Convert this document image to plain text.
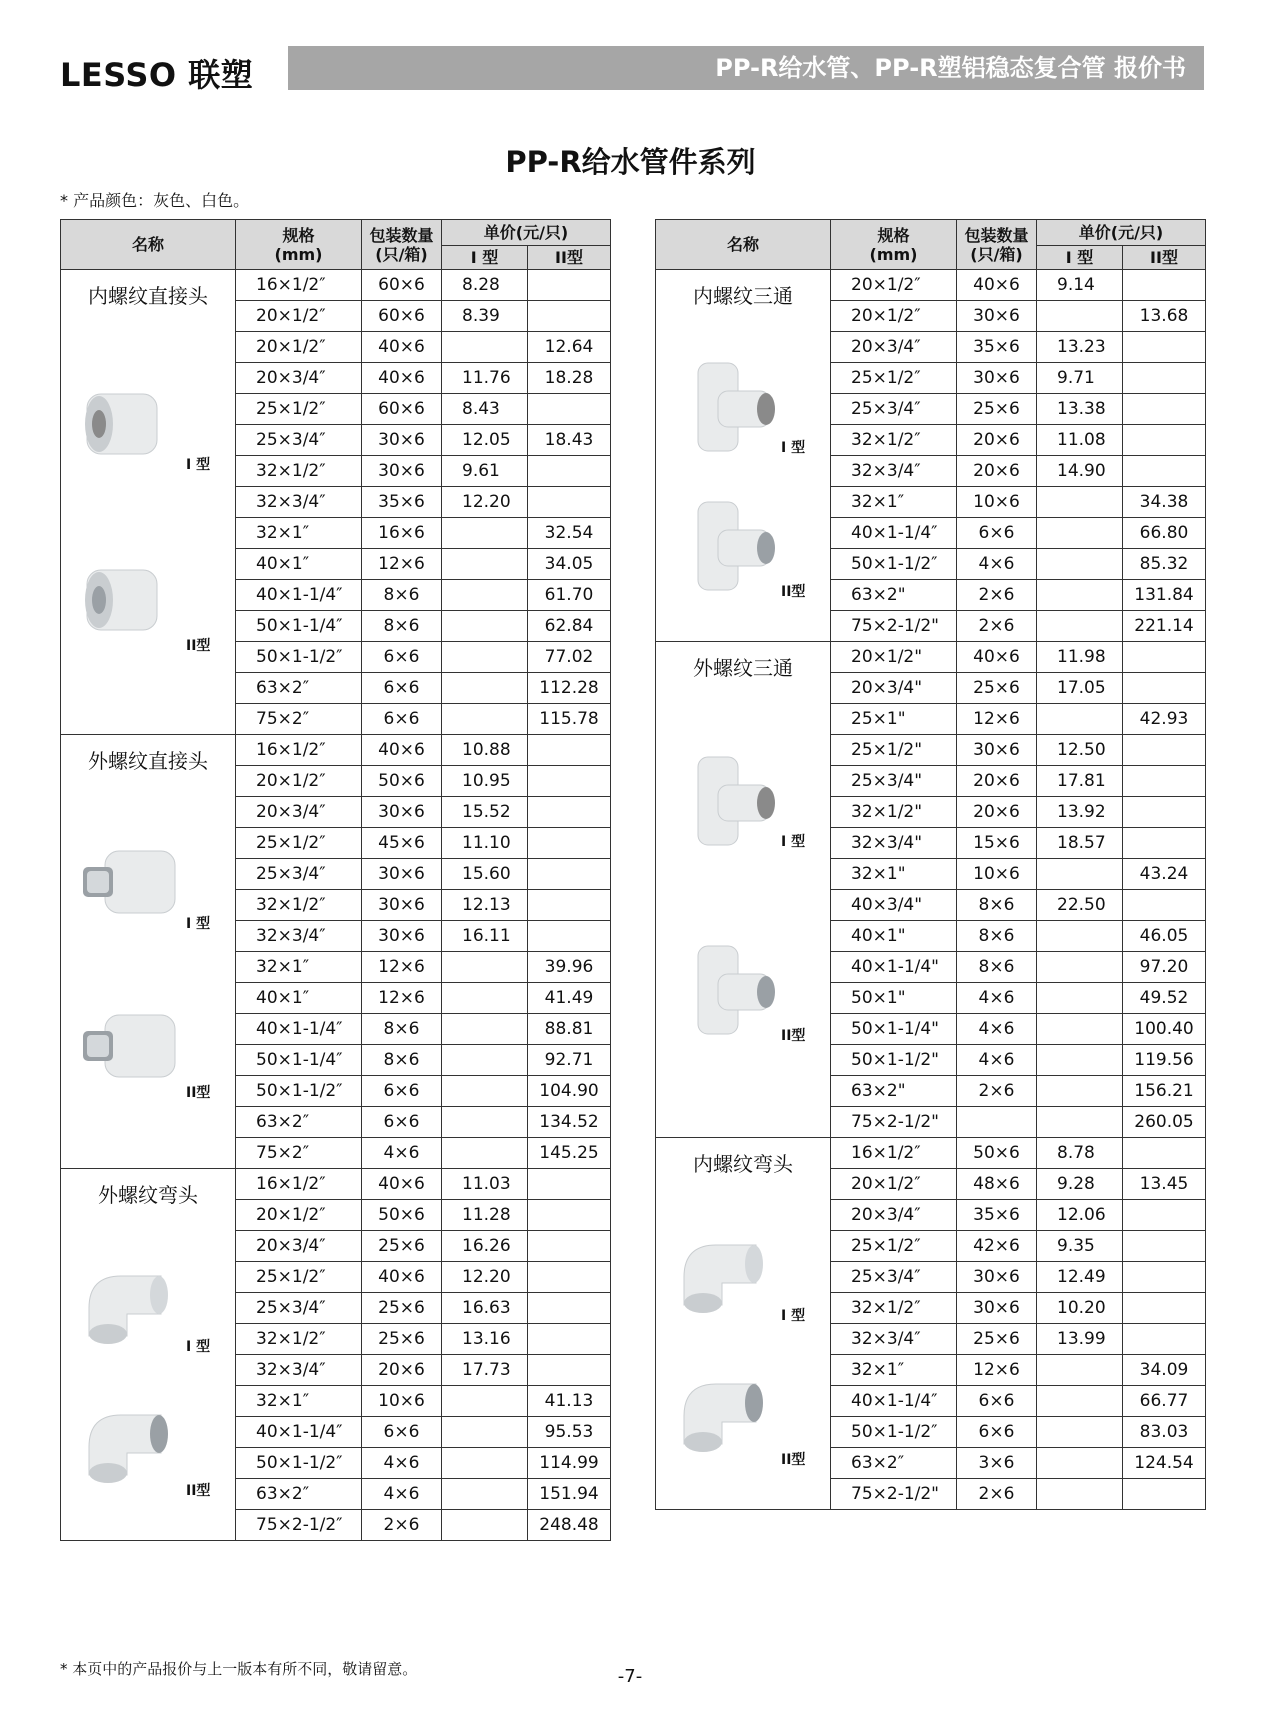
LESSO 联塑	PP-R给水管、PP-R塑铝稳态复合管 报价书
PP-R给水管件系列
* 产品颜色：灰色、白色。
名称	规格
(mm)	包装数量
(只/箱)	单价(元/只)	
			I 型	II型

内螺纹直接头
I 型
II型	16×1/2″	60×6	8.28	
	20×1/2″	60×6	8.39	
	20×1/2″	40×6		12.64
	20×3/4″	40×6	11.76	18.28
	25×1/2″	60×6	8.43	
	25×3/4″	30×6	12.05	18.43
	32×1/2″	30×6	9.61	
	32×3/4″	35×6	12.20	
	32×1″	16×6		32.54
	40×1″	12×6		34.05
	40×1-1/4″	8×6		61.70
	50×1-1/4″	8×6		62.84
	50×1-1/2″	6×6		77.02
	63×2″	6×6		112.28
	75×2″	6×6		115.78

外螺纹直接头
I 型
II型	16×1/2″	40×6	10.88	
	20×1/2″	50×6	10.95	
	20×3/4″	30×6	15.52	
	25×1/2″	45×6	11.10	
	25×3/4″	30×6	15.60	
	32×1/2″	30×6	12.13	
	32×3/4″	30×6	16.11	
	32×1″	12×6		39.96
	40×1″	12×6		41.49
	40×1-1/4″	8×6		88.81
	50×1-1/4″	8×6		92.71
	50×1-1/2″	6×6		104.90
	63×2″	6×6		134.52
	75×2″	4×6		145.25

外螺纹弯头
I 型
II型	16×1/2″	40×6	11.03	
	20×1/2″	50×6	11.28	
	20×3/4″	25×6	16.26	
	25×1/2″	40×6	12.20	
	25×3/4″	25×6	16.63	
	32×1/2″	25×6	13.16	
	32×3/4″	20×6	17.73	
	32×1″	10×6		41.13
	40×1-1/4″	6×6		95.53
	50×1-1/2″	4×6		114.99
	63×2″	4×6		151.94
	75×2-1/2″	2×6		248.48
名称	规格
(mm)	包装数量
(只/箱)	单价(元/只)	
			I 型	II型

内螺纹三通
I 型
II型	20×1/2″	40×6	9.14	
	20×1/2″	30×6		13.68
	20×3/4″	35×6	13.23	
	25×1/2″	30×6	9.71	
	25×3/4″	25×6	13.38	
	32×1/2″	20×6	11.08	
	32×3/4″	20×6	14.90	
	32×1″	10×6		34.38
	40×1-1/4″	6×6		66.80
	50×1-1/2″	4×6		85.32
	63×2"	2×6		131.84
	75×2-1/2"	2×6		221.14

外螺纹三通
I 型
II型	20×1/2"	40×6	11.98	
	20×3/4"	25×6	17.05	
	25×1"	12×6		42.93
	25×1/2"	30×6	12.50	
	25×3/4"	20×6	17.81	
	32×1/2"	20×6	13.92	
	32×3/4"	15×6	18.57	
	32×1"	10×6		43.24
	40×3/4"	8×6	22.50	
	40×1"	8×6		46.05
	40×1-1/4"	8×6		97.20
	50×1"	4×6		49.52
	50×1-1/4"	4×6		100.40
	50×1-1/2"	4×6		119.56
	63×2"	2×6		156.21
	75×2-1/2"			260.05

内螺纹弯头
I 型
II型	16×1/2″	50×6	8.78	
	20×1/2″	48×6	9.28	13.45
	20×3/4″	35×6	12.06	
	25×1/2″	42×6	9.35	
	25×3/4″	30×6	12.49	
	32×1/2″	30×6	10.20	
	32×3/4″	25×6	13.99	
	32×1″	12×6		34.09
	40×1-1/4″	6×6		66.77
	50×1-1/2″	6×6		83.03
	63×2″	3×6		124.54
	75×2-1/2"	2×6		
* 本页中的产品报价与上一版本有所不同，敬请留意。	-7-
